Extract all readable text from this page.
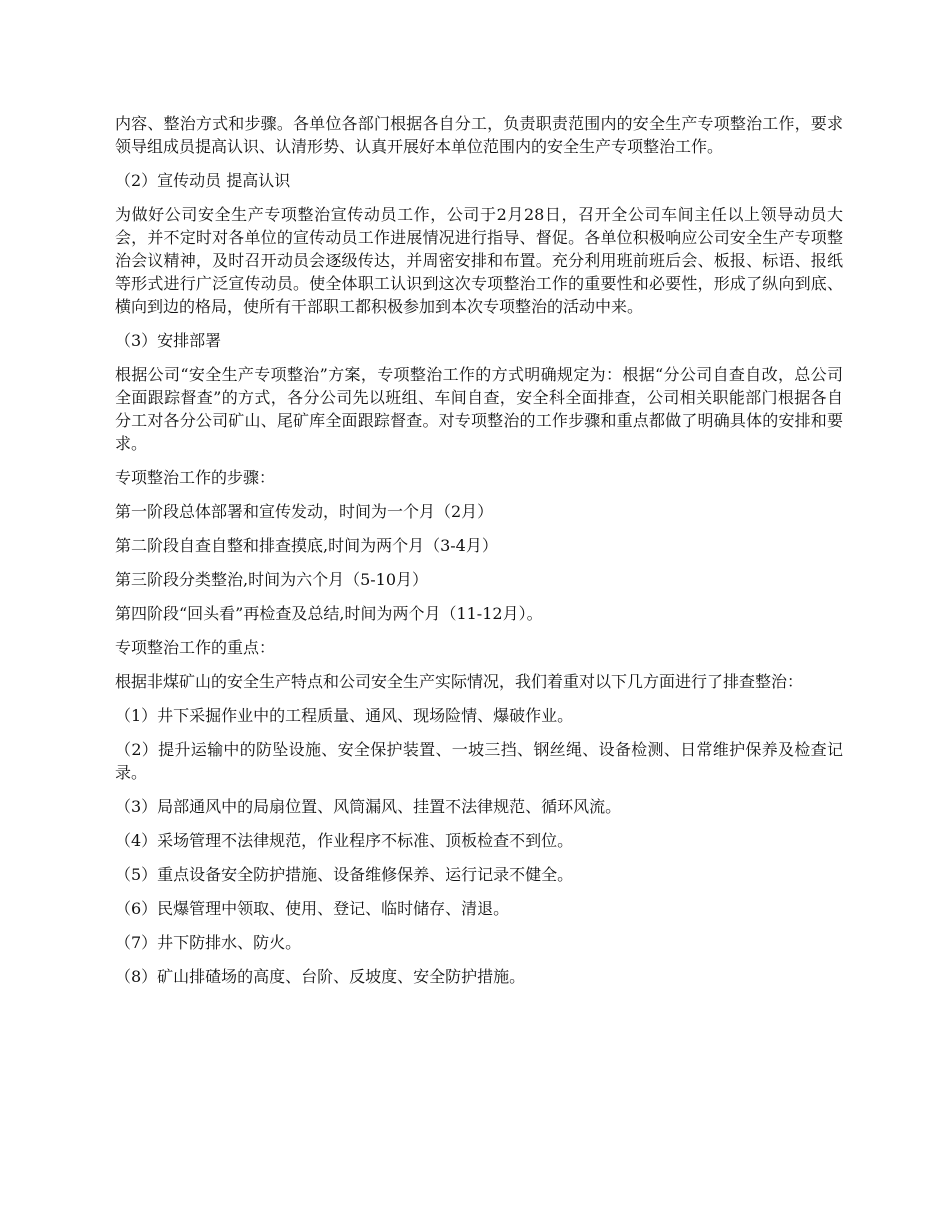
内容、整治方式和步骤。各单位各部门根据各自分工，负责职责范围内的安全生产专项整治工作，要求领导组成员提高认识、认清形势、认真开展好本单位范围内的安全生产专项整治工作。

（2）宣传动员 提高认识

为做好公司安全生产专项整治宣传动员工作，公司于2月28日，召开全公司车间主任以上领导动员大会，并不定时对各单位的宣传动员工作进展情况进行指导、督促。各单位积极响应公司安全生产专项整治会议精神，及时召开动员会逐级传达，并周密安排和布置。充分利用班前班后会、板报、标语、报纸等形式进行广泛宣传动员。使全体职工认识到这次专项整治工作的重要性和必要性，形成了纵向到底、横向到边的格局，使所有干部职工都积极参加到本次专项整治的活动中来。

（3）安排部署

根据公司“安全生产专项整治”方案，专项整治工作的方式明确规定为：根据“分公司自查自改，总公司全面跟踪督查”的方式，各分公司先以班组、车间自查，安全科全面排查，公司相关职能部门根据各自分工对各分公司矿山、尾矿库全面跟踪督查。对专项整治的工作步骤和重点都做了明确具体的安排和要求。

专项整治工作的步骤：

第一阶段总体部署和宣传发动，时间为一个月（2月）

第二阶段自查自整和排查摸底,时间为两个月（3-4月）

第三阶段分类整治,时间为六个月（5-10月）

第四阶段“回头看”再检查及总结,时间为两个月（11-12月）。

专项整治工作的重点：

根据非煤矿山的安全生产特点和公司安全生产实际情况，我们着重对以下几方面进行了排查整治：

（1）井下采掘作业中的工程质量、通风、现场险情、爆破作业。

（2）提升运输中的防坠设施、安全保护装置、一坡三挡、钢丝绳、设备检测、日常维护保养及检查记录。

（3）局部通风中的局扇位置、风筒漏风、挂置不法律规范、循环风流。

（4）采场管理不法律规范，作业程序不标准、顶板检查不到位。

（5）重点设备安全防护措施、设备维修保养、运行记录不健全。

（6）民爆管理中领取、使用、登记、临时储存、清退。

（7）井下防排水、防火。

（8）矿山排碴场的高度、台阶、反坡度、安全防护措施。
